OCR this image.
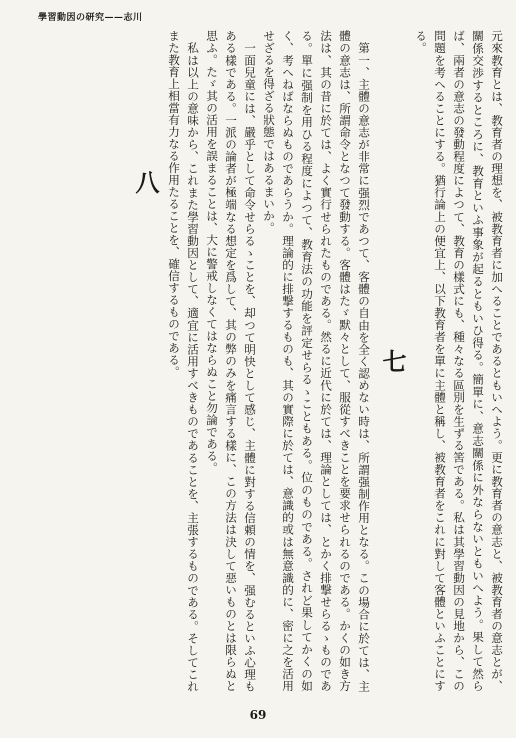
學習動因の研究——志川

元來教育とは、教育者の理想を、被教育者に加へることであるともいへよう。更に教育者の意志と、被教育者の意志とが、關係交渉するところに、教育といふ事象が起るともいひ得る。簡單に、意志關係に外ならないともいへよう。果して然らば、兩者の意志の發動程度によつて、教育の樣式にも、種々なる區別を生ずる筈である。私は其學習動因の見地から、この問題を考へることにする。猶行論上の便宜上、以下教育者を單に主體と稱し、被教育者をこれに對して客體といふことにする。

七

第一、主體の意志が非常に强烈であつて、客體の自由を全く認めない時は、所謂强制作用となる。この場合に於ては、主體の意志は、所謂命令となつて發動する。客體はたゞ默々として、服從すべきことを要求せられるのである。かくの如き方法は、其の昔に於ては、よく實行せられたものである。然るに近代に於ては、理論としては、とかく排撃せらるゝものである。單に强制を用ひる程度によつて、教育法の功能を評定せらるゝこともある。位のものである。されど果してかくの如く、考へねばならぬものであらうか。理論的に排撃するものも、其の實際に於ては、意識的或は無意識的に、密に之を活用せざるを得ざる狀態ではあるまいか。

一面兒童には、嚴乎として命令せらるゝことを、却つて明快として感じ、主體に對する信頼の情を、强むるといふ心理もある樣である。一派の論者が極端なる想定を爲して、其の弊のみを痛言する樣に、この方法は決して惡いものとは限らぬと思ふ。たゞ其の活用を誤まることは、大に警戒しなくてはならぬこと勿論である。

私は以上の意味から、これまた學習動因として、適宜に活用すべきものであることを、主張するものである。そしてこれまた教育上相當有力なる作用たることを、確信するものである。

八
69
